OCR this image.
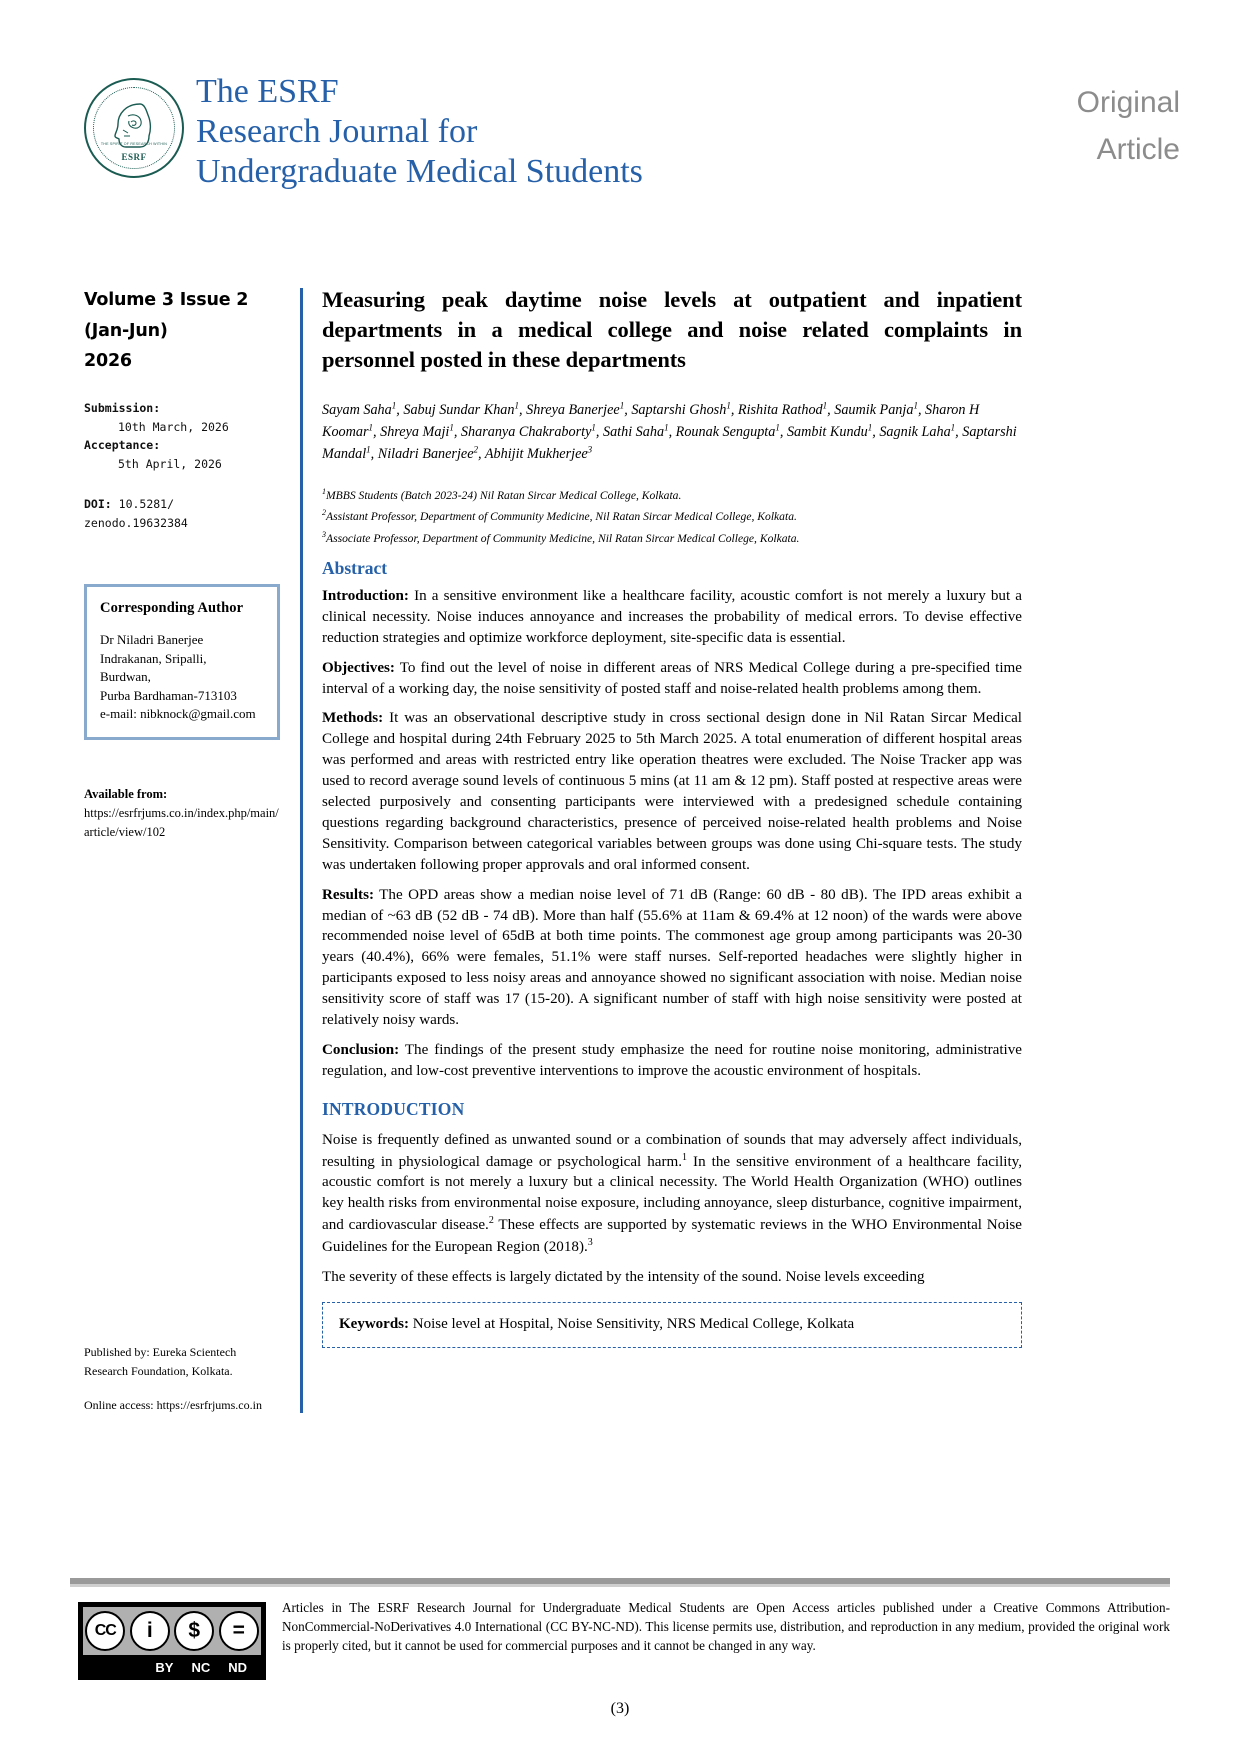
THE SPIRIT OF RESEARCH WITHIN
ESRF
The ESRF
Research Journal for
Undergraduate Medical Students
Original
Article
Volume 3 Issue 2
(Jan-Jun)
2026
Submission:
10th March, 2026
Acceptance:
5th April, 2026
DOI: 10.5281/
zenodo.19632384
Corresponding Author
Dr Niladri Banerjee
Indrakanan, Sripalli,
Burdwan,
Purba Bardhaman-713103
e-mail: nibknock@gmail.com
Available from: https://esrfrjums.co.in/index.php/main/article/view/102
Published by: Eureka Scientech Research Foundation, Kolkata.
Online access: https://esrfrjums.co.in
Measuring peak daytime noise levels at outpatient and inpatient departments in a medical college and noise related complaints in personnel posted in these departments
Sayam Saha$^1$, Sabuj Sundar Khan$^1$, Shreya Banerjee$^1$, Saptarshi Ghosh$^1$, Rishita Rathod$^1$, Saumik Panja$^1$, Sharon H Koomar$^1$, Shreya Maji$^1$, Sharanya Chakraborty$^1$, Sathi Saha$^1$, Rounak Sengupta$^1$, Sambit Kundu$^1$, Sagnik Laha$^1$, Saptarshi Mandal$^1$, Niladri Banerjee$^2$, Abhijit Mukherjee$^3$
$^1$MBBS Students (Batch 2023-24) Nil Ratan Sircar Medical College, Kolkata.
$^2$Assistant Professor, Department of Community Medicine, Nil Ratan Sircar Medical College, Kolkata.
$^3$Associate Professor, Department of Community Medicine, Nil Ratan Sircar Medical College, Kolkata.
Abstract

Introduction: In a sensitive environment like a healthcare facility, acoustic comfort is not merely a luxury but a clinical necessity. Noise induces annoyance and increases the probability of medical errors. To devise effective reduction strategies and optimize workforce deployment, site-specific data is essential.

Objectives: To find out the level of noise in different areas of NRS Medical College during a pre-specified time interval of a working day, the noise sensitivity of posted staff and noise-related health problems among them.

Methods: It was an observational descriptive study in cross sectional design done in Nil Ratan Sircar Medical College and hospital during 24th February 2025 to 5th March 2025. A total enumeration of different hospital areas was performed and areas with restricted entry like operation theatres were excluded. The Noise Tracker app was used to record average sound levels of continuous 5 mins (at 11 am & 12 pm). Staff posted at respective areas were selected purposively and consenting participants were interviewed with a predesigned schedule containing questions regarding background characteristics, presence of perceived noise-related health problems and Noise Sensitivity. Comparison between categorical variables between groups was done using Chi-square tests. The study was undertaken following proper approvals and oral informed consent.

Results: The OPD areas show a median noise level of 71 dB (Range: 60 dB - 80 dB). The IPD areas exhibit a median of ~63 dB (52 dB - 74 dB). More than half (55.6% at 11am & 69.4% at 12 noon) of the wards were above recommended noise level of 65dB at both time points. The commonest age group among participants was 20-30 years (40.4%), 66% were females, 51.1% were staff nurses. Self-reported headaches were slightly higher in participants exposed to less noisy areas and annoyance showed no significant association with noise. Median noise sensitivity score of staff was 17 (15-20). A significant number of staff with high noise sensitivity were posted at relatively noisy wards.

Conclusion: The findings of the present study emphasize the need for routine noise monitoring, administrative regulation, and low-cost preventive interventions to improve the acoustic environment of hospitals.

INTRODUCTION

Noise is frequently defined as unwanted sound or a combination of sounds that may adversely affect individuals, resulting in physiological damage or psychological harm.$^1$ In the sensitive environment of a healthcare facility, acoustic comfort is not merely a luxury but a clinical necessity. The World Health Organization (WHO) outlines key health risks from environmental noise exposure, including annoyance, sleep disturbance, cognitive impairment, and cardiovascular disease.$^2$ These effects are supported by systematic reviews in the WHO Environmental Noise Guidelines for the European Region (2018).$^3$

The severity of these effects is largely dictated by the intensity of the sound. Noise levels exceeding

Keywords: Noise level at Hospital, Noise Sensitivity, NRS Medical College, Kolkata
CC	i	$	=
BY NC ND
Articles in The ESRF Research Journal for Undergraduate Medical Students are Open Access articles published under a Creative Commons Attribution-NonCommercial-NoDerivatives 4.0 International (CC BY-NC-ND). This license permits use, distribution, and reproduction in any medium, provided the original work is properly cited, but it cannot be used for commercial purposes and it cannot be changed in any way.
(3)
